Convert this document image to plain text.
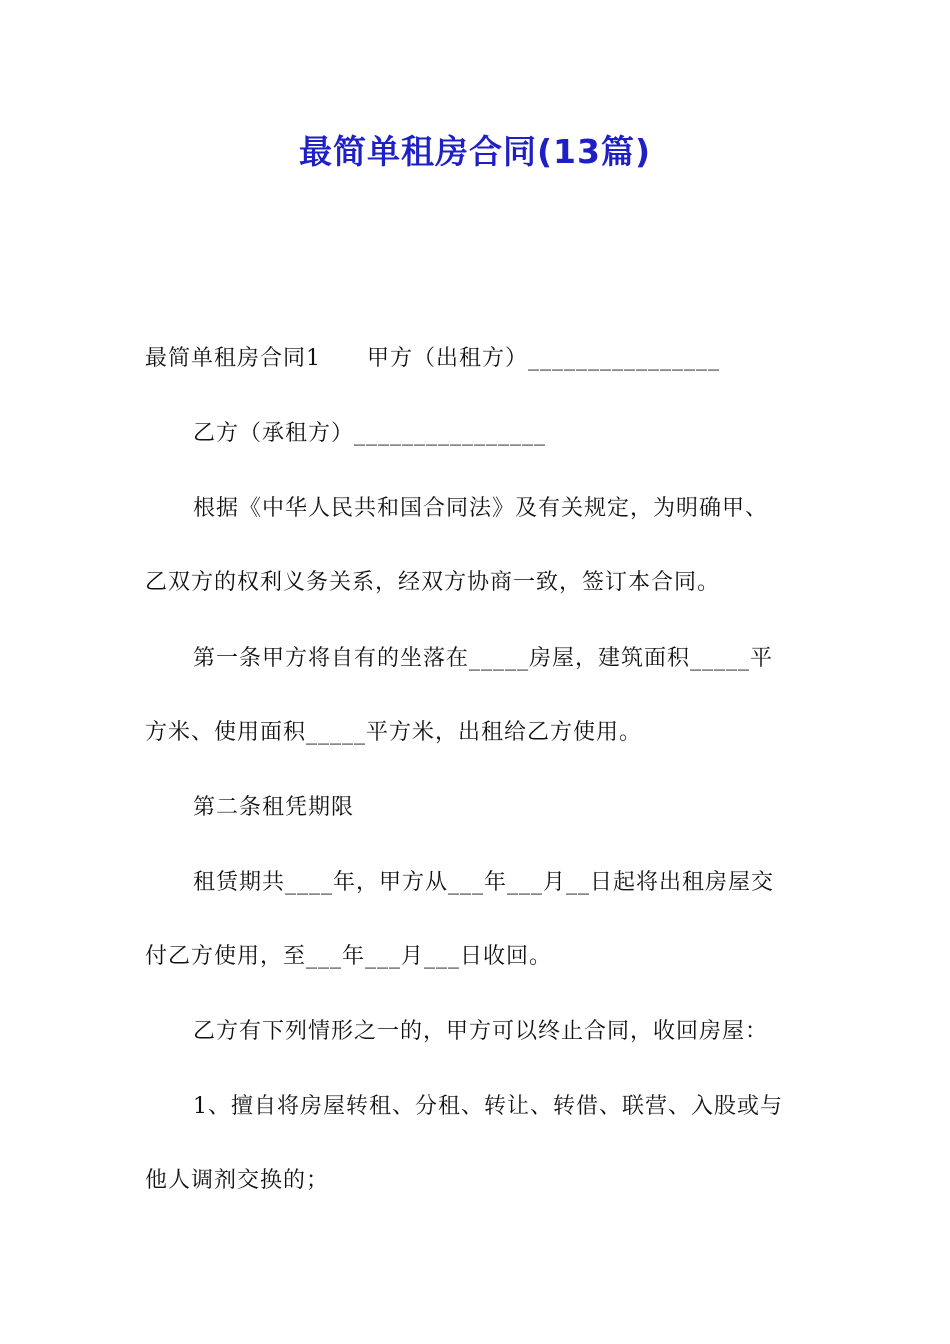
最简单租房合同(13篇)
最简单租房合同1　　甲方（出租方）________________
乙方（承租方）________________
根据《中华人民共和国合同法》及有关规定，为明确甲、
乙双方的权利义务关系，经双方协商一致，签订本合同。
第一条甲方将自有的坐落在_____房屋，建筑面积_____平
方米、使用面积_____平方米，出租给乙方使用。
第二条租凭期限
租赁期共____年，甲方从___年___月__日起将出租房屋交
付乙方使用，至___年___月___日收回。
乙方有下列情形之一的，甲方可以终止合同，收回房屋：
1、擅自将房屋转租、分租、转让、转借、联营、入股或与
他人调剂交换的；
